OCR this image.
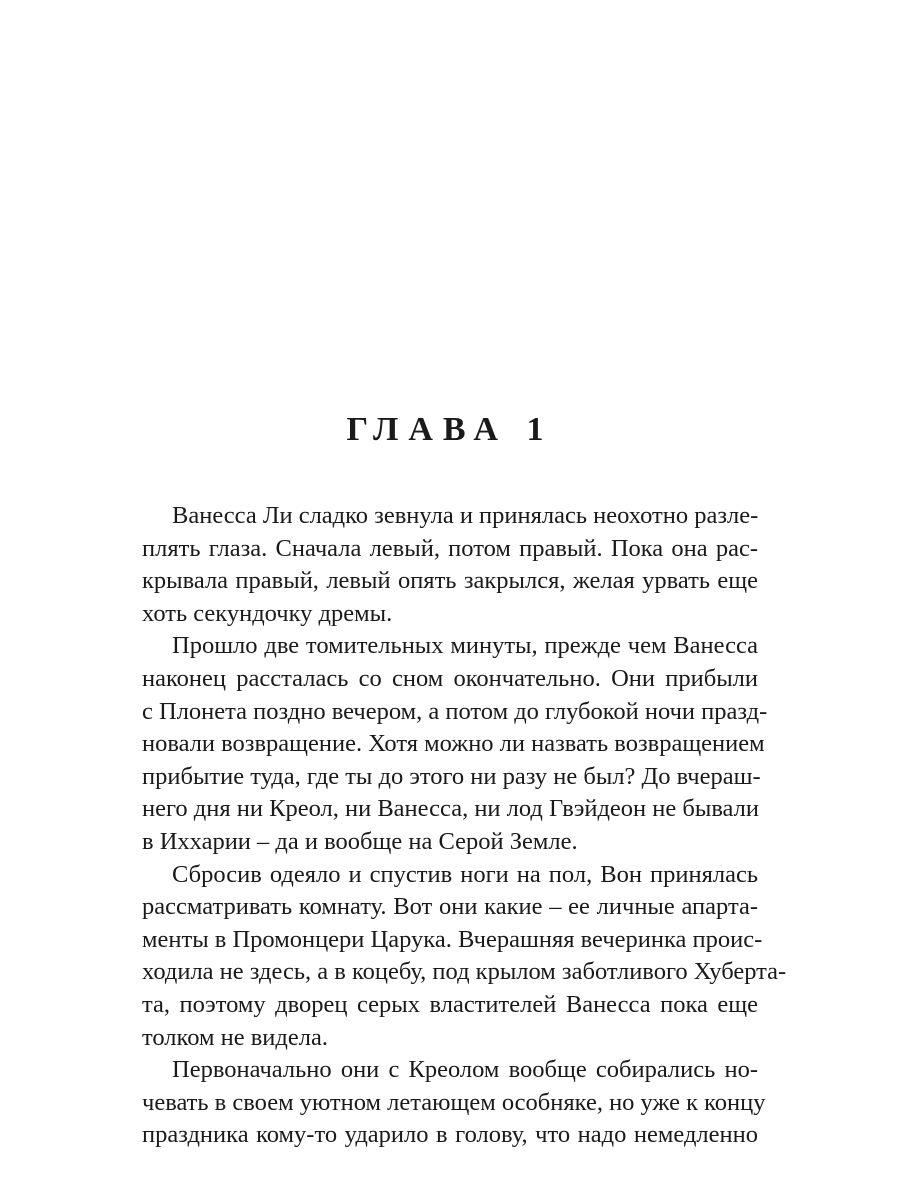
ГЛАВА 1

Ванесса Ли сладко зевнула и принялась неохотно разле-
плять глаза. Сначала левый, потом правый. Пока она рас-
крывала правый, левый опять закрылся, желая урвать еще
хоть секундочку дремы.

Прошло две томительных минуты, прежде чем Ванесса
наконец рассталась со сном окончательно. Они прибыли
с Плонета поздно вечером, а потом до глубокой ночи празд-
новали возвращение. Хотя можно ли назвать возвращением
прибытие туда, где ты до этого ни разу не был? До вчераш-
него дня ни Креол, ни Ванесса, ни лод Гвэйдеон не бывали
в Иххарии – да и вообще на Серой Земле.

Сбросив одеяло и спустив ноги на пол, Вон принялась
рассматривать комнату. Вот они какие – ее личные апарта-
менты в Промонцери Царука. Вчерашняя вечеринка проис-
ходила не здесь, а в коцебу, под крылом заботливого Хуберта-
та, поэтому дворец серых властителей Ванесса пока еще
толком не видела.

Первоначально они с Креолом вообще собирались но-
чевать в своем уютном летающем особняке, но уже к концу
праздника кому-то ударило в голову, что надо немедленно
